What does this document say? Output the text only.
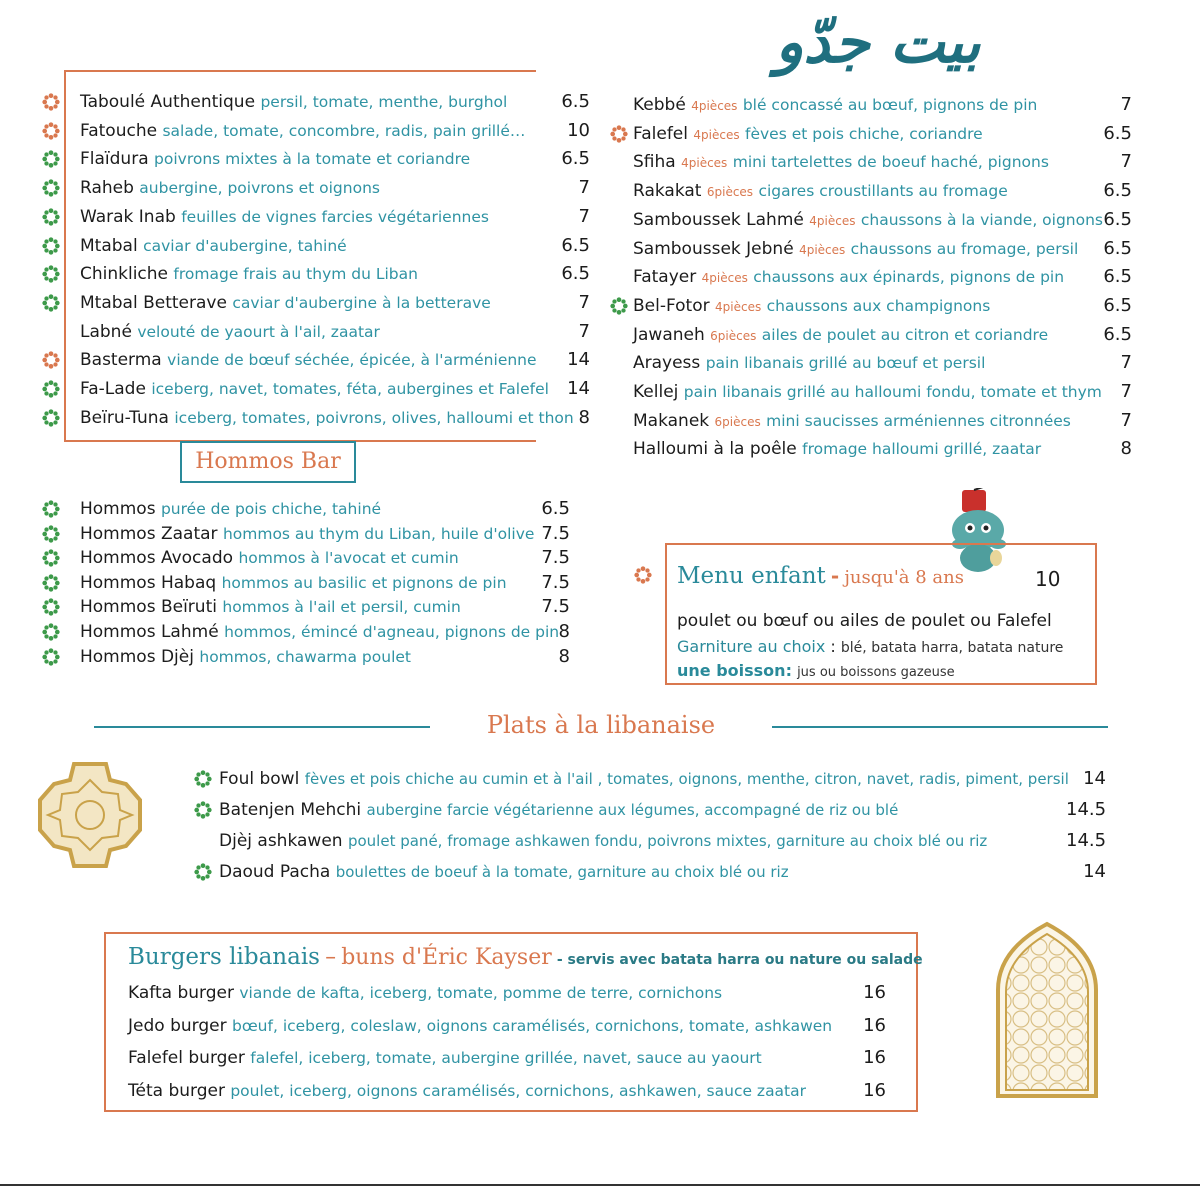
بيت جدّو
Taboulé Authentique persil, tomate, menthe, burghol	6.5
Fatouche salade, tomate, concombre, radis, pain grillé…	10
Flaïdura poivrons mixtes à la tomate et coriandre	6.5
Raheb aubergine, poivrons et oignons	7
Warak Inab feuilles de vignes farcies végétariennes	7
Mtabal caviar d'aubergine, tahiné	6.5
Chinkliche fromage frais au thym du Liban	6.5
Mtabal Betterave caviar d'aubergine à la betterave	7
Labné velouté de yaourt à l'ail, zaatar	7
Basterma viande de bœuf séchée, épicée, à l'arménienne	14
Fa-Lade iceberg, navet, tomates, féta, aubergines et Falefel	14
Beïru-Tuna iceberg, tomates, poivrons, olives, halloumi et thon 8
Kebbé 4pièces blé concassé au bœuf, pignons de pin	7
Falefel 4pièces fèves et pois chiche, coriandre	6.5
Sfiha 4pièces mini tartelettes de boeuf haché, pignons	7
Rakakat 6pièces cigares croustillants au fromage	6.5
Samboussek Lahmé 4pièces chaussons à la viande, oignons 6.5
Samboussek Jebné 4pièces chaussons au fromage, persil	6.5
Fatayer 4pièces chaussons aux épinards, pignons de pin	6.5
Bel-Fotor 4pièces chaussons aux champignons	6.5
Jawaneh 6pièces ailes de poulet au citron et coriandre	6.5
Arayess pain libanais grillé au bœuf et persil	7
Kellej pain libanais grillé au halloumi fondu, tomate et thym	7
Makanek 6pièces mini saucisses arméniennes citronnées	7
Halloumi à la poêle fromage halloumi grillé, zaatar	8
Hommos Bar
Hommos purée de pois chiche, tahiné	6.5
Hommos Zaatar hommos au thym du Liban, huile d'olive 7.5
Hommos Avocado hommos à l'avocat et cumin	7.5
Hommos Habaq hommos au basilic et pignons de pin	7.5
Hommos Beïruti hommos à l'ail et persil, cumin	7.5
Hommos Lahmé hommos, émincé d'agneau, pignons de pin 8
Hommos Djèj hommos, chawarma poulet	8
Menu enfant - jusqu'à 8 ans	10
poulet ou bœuf ou ailes de poulet ou Falefel
Garniture au choix : blé, batata harra, batata nature
une boisson: jus ou boissons gazeuse
Plats à la libanaise
Foul bowl fèves et pois chiche au cumin et à l'ail , tomates, oignons, menthe, citron, navet, radis, piment, persil 14
Batenjen Mehchi aubergine farcie végétarienne aux légumes, accompagné de riz ou blé	14.5
Djèj ashkawen poulet pané, fromage ashkawen fondu, poivrons mixtes, garniture au choix blé ou riz	14.5
Daoud Pacha boulettes de boeuf à la tomate, garniture au choix blé ou riz	14
Burgers libanais – buns d'Éric Kayser - servis avec batata harra ou nature ou salade
Kafta burger viande de kafta, iceberg, tomate, pomme de terre, cornichons	16
Jedo burger bœuf, iceberg, coleslaw, oignons caramélisés, cornichons, tomate, ashkawen	16
Falefel burger falefel, iceberg, tomate, aubergine grillée, navet, sauce au yaourt	16
Téta burger poulet, iceberg, oignons caramélisés, cornichons, ashkawen, sauce zaatar	16
